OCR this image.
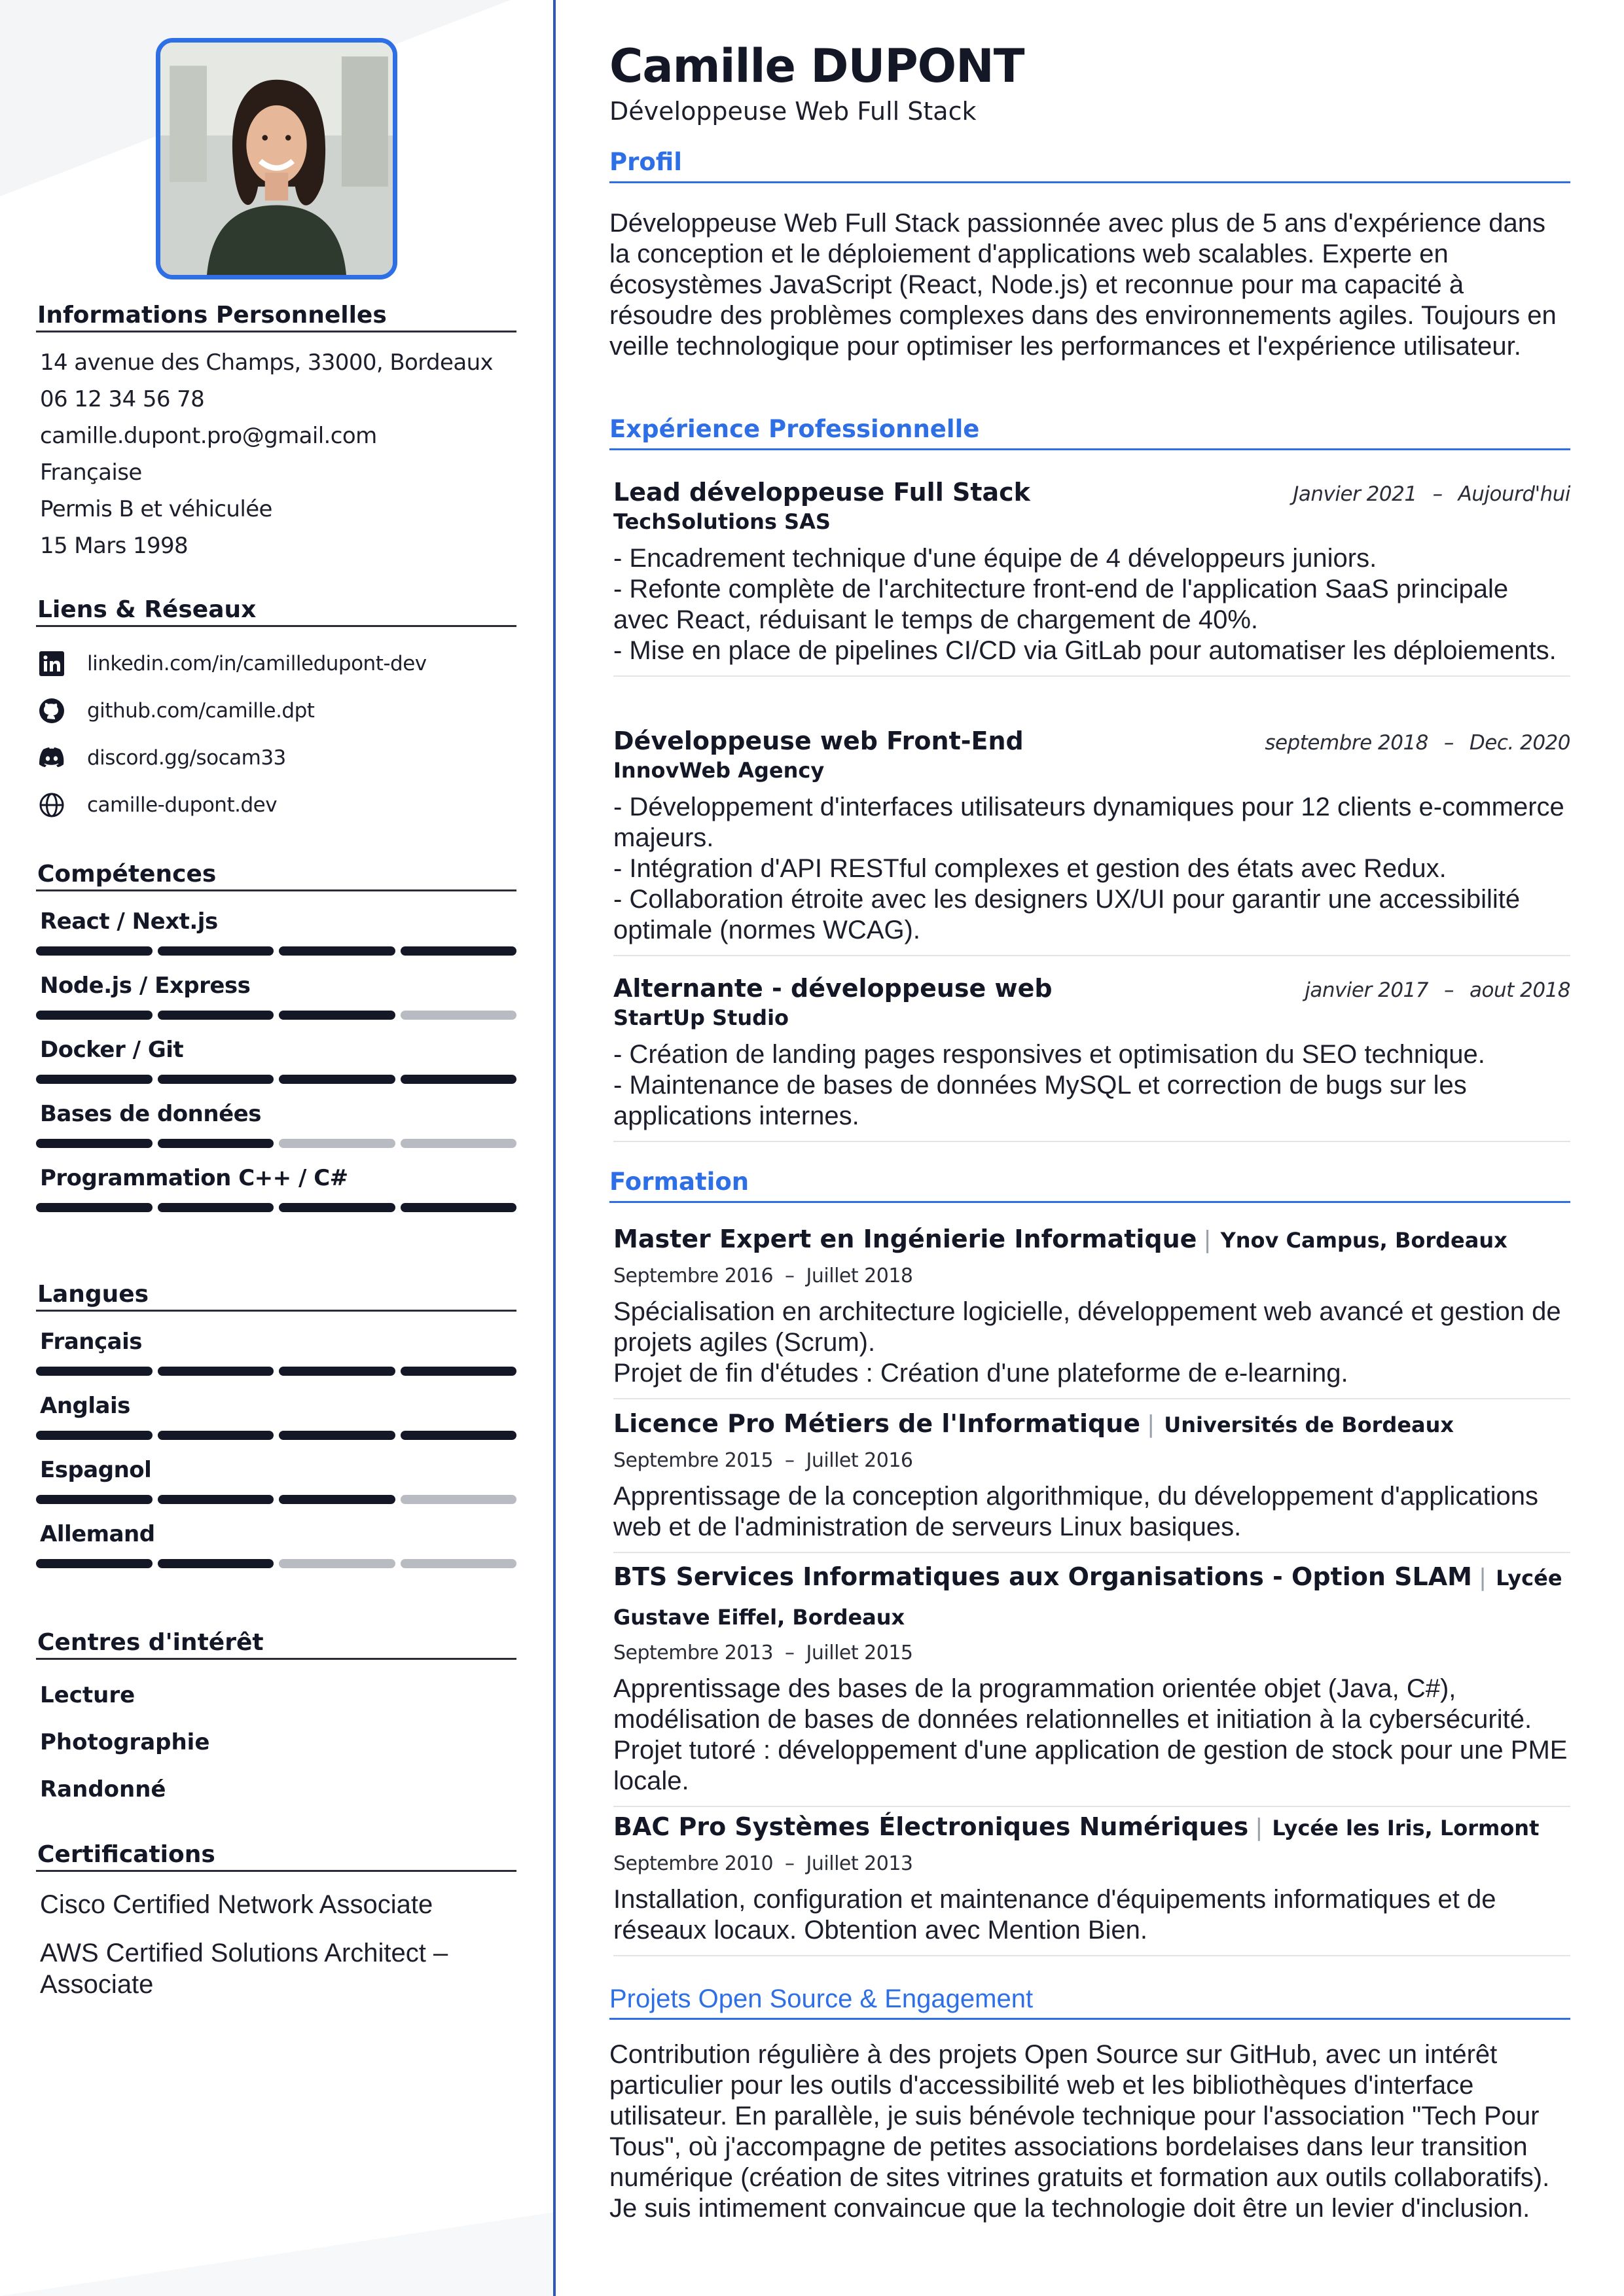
Informations Personnelles
14 avenue des Champs, 33000, Bordeaux
06 12 34 56 78
camille.dupont.pro@gmail.com
Française
Permis B et véhiculée
15 Mars 1998
Liens & Réseaux
linkedin.com/in/camilledupont-dev
github.com/camille.dpt
discord.gg/socam33
camille-dupont.dev
Compétences
React / Next.js
Node.js / Express
Docker / Git
Bases de données
Programmation C++ / C#
Langues
Français
Anglais
Espagnol
Allemand
Centres d'intérêt
Lecture
Photographie
Randonné
Certifications
Cisco Certified Network Associate
AWS Certified Solutions Architect – Associate
Camille DUPONT
Développeuse Web Full Stack
Profil
Développeuse Web Full Stack passionnée avec plus de 5 ans d'expérience dans la conception et le déploiement d'applications web scalables. Experte en écosystèmes JavaScript (React, Node.js) et reconnue pour ma capacité à résoudre des problèmes complexes dans des environnements agiles. Toujours en veille technologique pour optimiser les performances et l'expérience utilisateur.
Expérience Professionnelle
Lead développeuse Full Stack	Janvier 2021 – Aujourd'hui
TechSolutions SAS
- Encadrement technique d'une équipe de 4 développeurs juniors.
- Refonte complète de l'architecture front-end de l'application SaaS principale avec React, réduisant le temps de chargement de 40%.
- Mise en place de pipelines CI/CD via GitLab pour automatiser les déploiements.
Développeuse web Front-End	septembre 2018 – Dec. 2020
InnovWeb Agency
- Développement d'interfaces utilisateurs dynamiques pour 12 clients e-commerce majeurs.
- Intégration d'API RESTful complexes et gestion des états avec Redux.
- Collaboration étroite avec les designers UX/UI pour garantir une accessibilité optimale (normes WCAG).
Alternante - développeuse web	janvier 2017 – aout 2018
StartUp Studio
- Création de landing pages responsives et optimisation du SEO technique.
- Maintenance de bases de données MySQL et correction de bugs sur les applications internes.
Formation
Master Expert en Ingénierie Informatique | Ynov Campus, Bordeaux
Septembre 2016 – Juillet 2018
Spécialisation en architecture logicielle, développement web avancé et gestion de projets agiles (Scrum).
Projet de fin d'études : Création d'une plateforme de e-learning.
Licence Pro Métiers de l'Informatique | Universités de Bordeaux
Septembre 2015 – Juillet 2016
Apprentissage de la conception algorithmique, du développement d'applications web et de l'administration de serveurs Linux basiques.
BTS Services Informatiques aux Organisations - Option SLAM | Lycée Gustave Eiffel, Bordeaux
Septembre 2013 – Juillet 2015
Apprentissage des bases de la programmation orientée objet (Java, C#), modélisation de bases de données relationnelles et initiation à la cybersécurité.
Projet tutoré : développement d'une application de gestion de stock pour une PME locale.
BAC Pro Systèmes Électroniques Numériques | Lycée les Iris, Lormont
Septembre 2010 – Juillet 2013
Installation, configuration et maintenance d'équipements informatiques et de réseaux locaux. Obtention avec Mention Bien.
Projets Open Source & Engagement
Contribution régulière à des projets Open Source sur GitHub, avec un intérêt particulier pour les outils d'accessibilité web et les bibliothèques d'interface utilisateur. En parallèle, je suis bénévole technique pour l'association "Tech Pour Tous", où j'accompagne de petites associations bordelaises dans leur transition numérique (création de sites vitrines gratuits et formation aux outils collaboratifs). Je suis intimement convaincue que la technologie doit être un levier d'inclusion.
